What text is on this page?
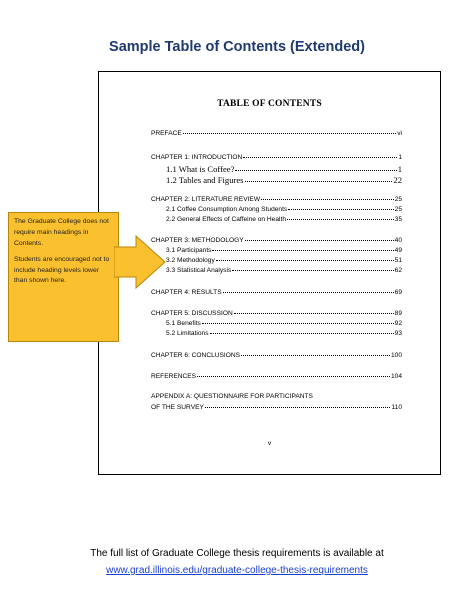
Sample Table of Contents (Extended)
TABLE OF CONTENTS
PREFACE	vi
CHAPTER 1: INTRODUCTION	1
1.1 What is Coffee?	1
1.2 Tables and Figures	22
CHAPTER 2: LITERATURE REVIEW	25
2.1 Coffee Consumption Among Students	25
2.2 General Effects of Caffeine on Health	35
CHAPTER 3: METHODOLOGY	40
3.1 Participants	49
3.2 Methodology	51
3.3 Statistical Analysis	62
CHAPTER 4: RESULTS	69
CHAPTER 5: DISCUSSION	89
5.1 Benefits	92
5.2 Limitations	93
CHAPTER 6: CONCLUSIONS	100
REFERENCES	104
APPENDIX A: QUESTIONNAIRE FOR PARTICIPANTS
OF THE SURVEY	110
v

The Graduate College does not require main headings in Contents.

Students are encouraged not to include heading levels lower than shown here.

The full list of Graduate College thesis requirements is available at
www.grad.illinois.edu/graduate-college-thesis-requirements
